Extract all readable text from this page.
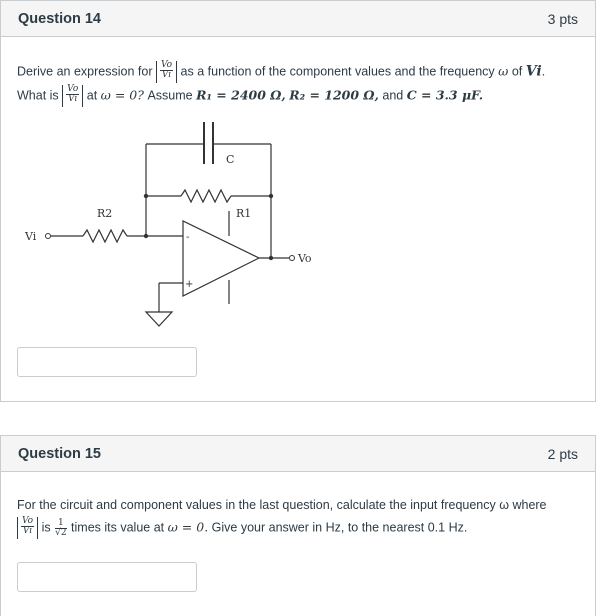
Question 14	3 pts
Derive an expression for $\frac{Vo}{Vi}$ as a function of the component values and the frequency ω of Vi.
What is $\frac{Vo}{Vi}$ at ω = 0? Assume R₁ = 2400 Ω, R₂ = 1200 Ω, and C = 3.3 μF.
C
R1
R2
Vi
Vo
-
+
Question 15	2 pts
For the circuit and component values in the last question, calculate the input frequency ω where
$\frac{Vo}{Vi}$ is $\frac{1}{√2}$ times its value at ω = 0. Give your answer in Hz, to the nearest 0.1 Hz.
